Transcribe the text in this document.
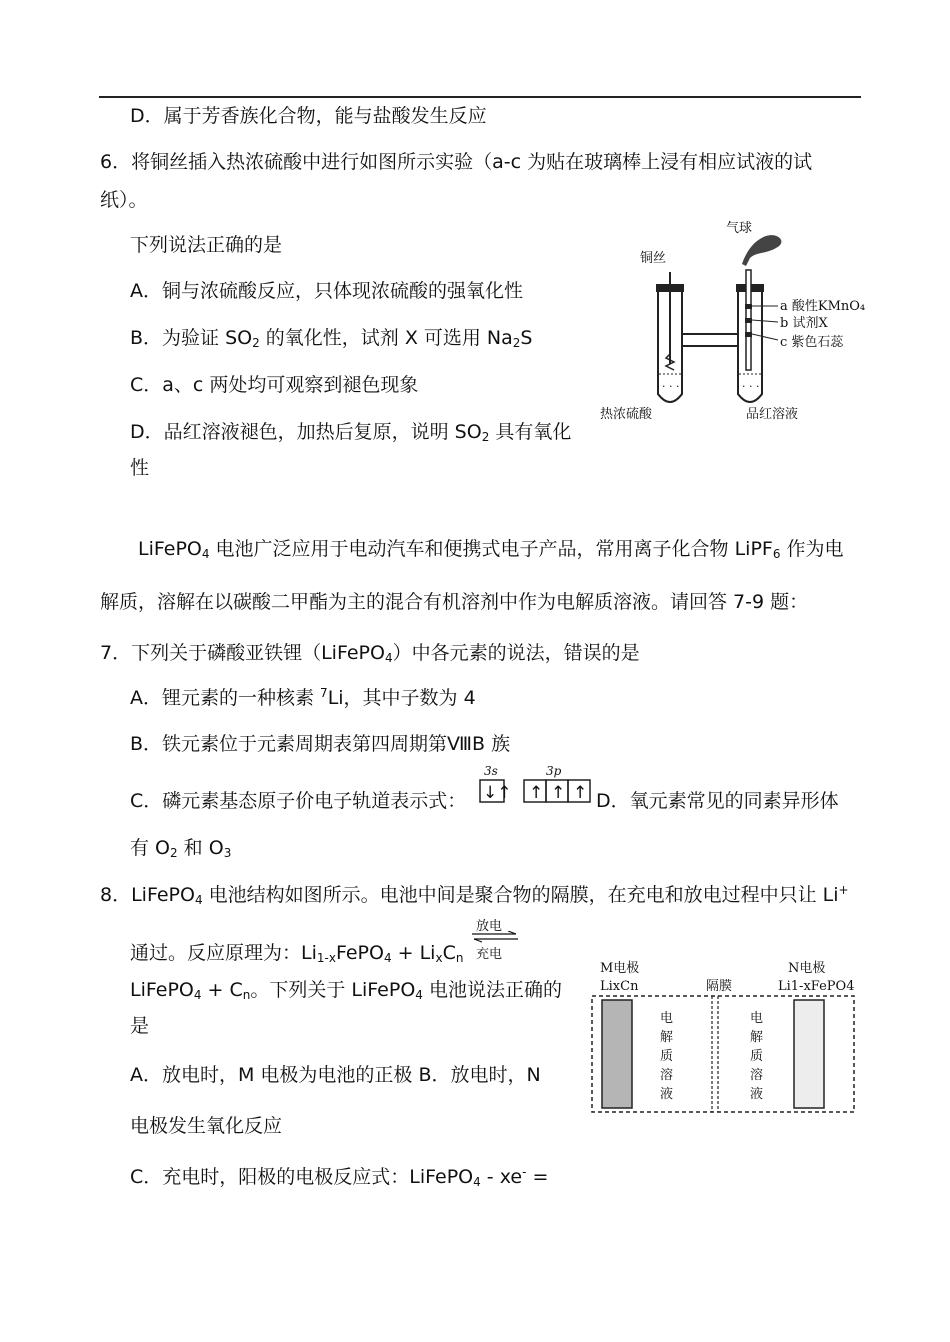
D．属于芳香族化合物，能与盐酸发生反应
6．将铜丝插入热浓硫酸中进行如图所示实验（a-c 为贴在玻璃棒上浸有相应试液的试
纸）。
下列说法正确的是
A．铜与浓硫酸反应，只体现浓硫酸的强氧化性
B．为验证 $SO_2$ 的氧化性，试剂 X 可选用 $Na_2S$
C．a、c 两处均可观察到褪色现象
D．品红溶液褪色，加热后复原，说明 $SO_2$ 具有氧化
性
气球
铜丝
· · ·	· · ·
a 酸性KMnO₄
b 试剂X
c 紫色石蕊
热浓硫酸	品红溶液
LiFePO$_4$ 电池广泛应用于电动汽车和便携式电子产品，常用离子化合物 LiPF$_6$ 作为电
解质，溶解在以碳酸二甲酯为主的混合有机溶剂中作为电解质溶液。请回答 7-9 题：
7．下列关于磷酸亚铁锂（LiFePO$_4$）中各元素的说法，错误的是
A．锂元素的一种核素 $^7$Li，其中子数为 4
B．铁元素位于元素周期表第四周期第ⅧB 族
C．磷元素基态原子价电子轨道表示式：
3s	3p
↓↑ ↑ ↑ ↑ D．氧元素常见的同素异形体
有 $O_2$ 和 $O_3$
8．LiFePO$_4$ 电池结构如图所示。电池中间是聚合物的隔膜，在充电和放电过程中只让 Li+
通过。反应原理为：$Li_{1-x}FePO_4 + Li_xC_n$
放电
充电
LiFePO$_4$ + $C_n$。下列关于 LiFePO$_4$ 电池说法正确的
是
A．放电时，M 电极为电池的正极 B．放电时，N
电极发生氧化反应
C．充电时，阳极的电极反应式：LiFePO$_4$ - xe- =
M电极
LixCn	隔膜
N电极
Li1-xFePO4
电
解
质
溶
液
电
解
质
溶
液
